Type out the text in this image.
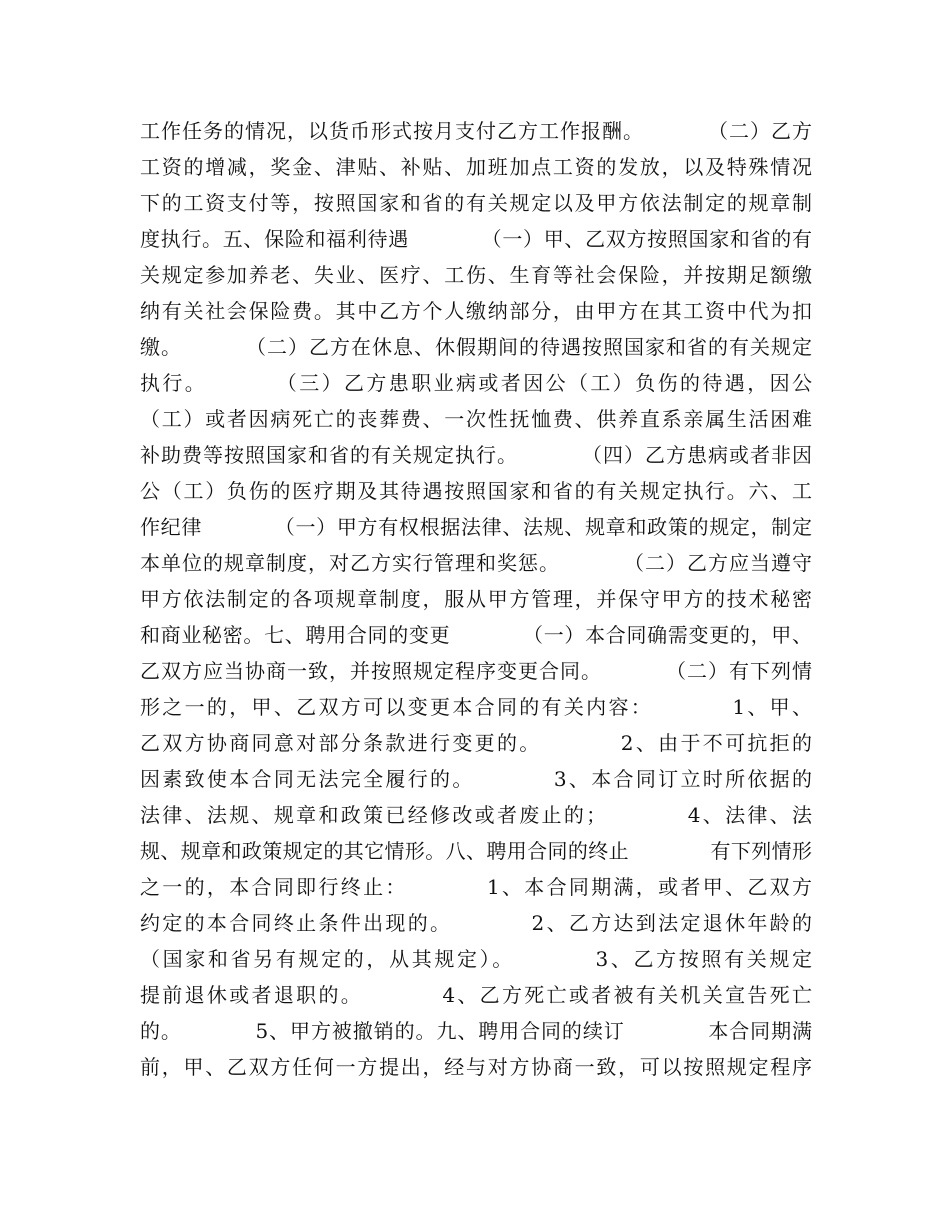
工作任务的情况，以货币形式按月支付乙方工作报酬。　　　　（二）乙方
工资的增减，奖金、津贴、补贴、加班加点工资的发放，以及特殊情况
下的工资支付等，按照国家和省的有关规定以及甲方依法制定的规章制
度执行。五、保险和福利待遇　　　　（一）甲、乙双方按照国家和省的有
关规定参加养老、失业、医疗、工伤、生育等社会保险，并按期足额缴
纳有关社会保险费。其中乙方个人缴纳部分，由甲方在其工资中代为扣
缴。　　　　（二）乙方在休息、休假期间的待遇按照国家和省的有关规定
执行。　　　　（三）乙方患职业病或者因公（工）负伤的待遇，因公
（工）或者因病死亡的丧葬费、一次性抚恤费、供养直系亲属生活困难
补助费等按照国家和省的有关规定执行。　　　　（四）乙方患病或者非因
公（工）负伤的医疗期及其待遇按照国家和省的有关规定执行。六、工
作纪律　　　　（一）甲方有权根据法律、法规、规章和政策的规定，制定
本单位的规章制度，对乙方实行管理和奖惩。　　　　（二）乙方应当遵守
甲方依法制定的各项规章制度，服从甲方管理，并保守甲方的技术秘密
和商业秘密。七、聘用合同的变更　　　　（一）本合同确需变更的，甲、
乙双方应当协商一致，并按照规定程序变更合同。　　　　（二）有下列情
形之一的，甲、乙双方可以变更本合同的有关内容：　　　　1、甲、
乙双方协商同意对部分条款进行变更的。　　　　2、由于不可抗拒的
因素致使本合同无法完全履行的。　　　　3、本合同订立时所依据的
法律、法规、规章和政策已经修改或者废止的；　　　　4、法律、法
规、规章和政策规定的其它情形。八、聘用合同的终止　　　　有下列情形
之一的，本合同即行终止：　　　　1、本合同期满，或者甲、乙双方
约定的本合同终止条件出现的。　　　　2、乙方达到法定退休年龄的
（国家和省另有规定的，从其规定）。　　　　3、乙方按照有关规定
提前退休或者退职的。　　　　4、乙方死亡或者被有关机关宣告死亡
的。　　　　5、甲方被撤销的。九、聘用合同的续订　　　　本合同期满
前，甲、乙双方任何一方提出，经与对方协商一致，可以按照规定程序
